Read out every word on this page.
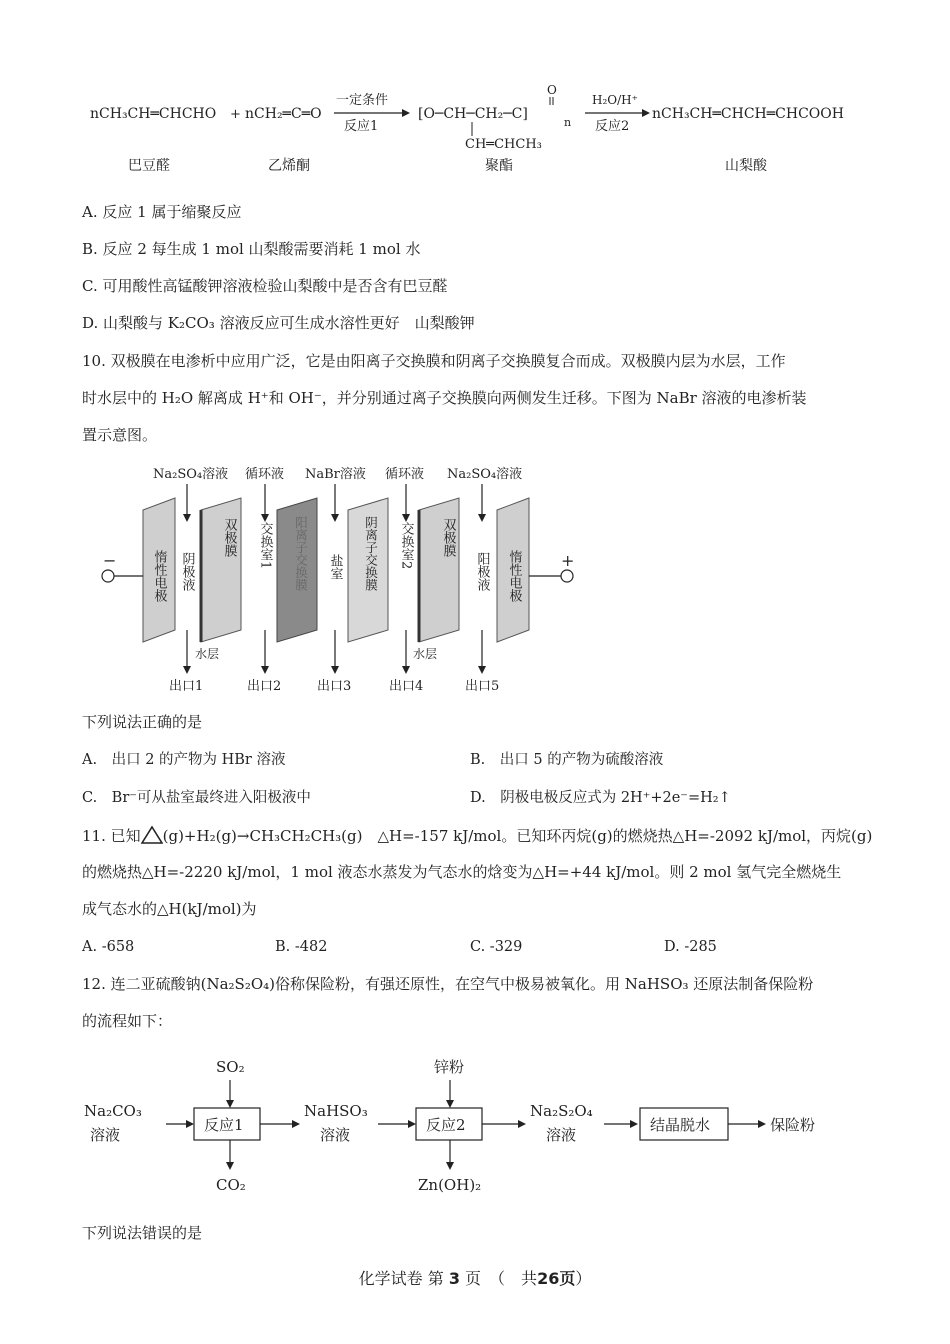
nCH₃CH═CHCHO + nCH₂═C═O
一定条件
反应1
O
[O─CH─CH₂─C]
n
CH═CHCH₃
H₂O/H⁺
反应2
nCH₃CH═CHCH═CHCOOH
巴豆醛	乙烯酮	聚酯	山梨酸
A. 反应 1 属于缩聚反应
B. 反应 2 每生成 1 mol 山梨酸需要消耗 1 mol 水
C. 可用酸性高锰酸钾溶液检验山梨酸中是否含有巴豆醛
D. 山梨酸与 K₂CO₃ 溶液反应可生成水溶性更好　山梨酸钾
10. 双极膜在电渗析中应用广泛，它是由阳离子交换膜和阴离子交换膜复合而成。双极膜内层为水层，工作
时水层中的 H₂O 解离成 H⁺和 OH⁻，并分别通过离子交换膜向两侧发生迁移。下图为 NaBr 溶液的电渗析装
置示意图。
Na₂SO₄溶液 循环液 NaBr溶液 循环液 Na₂SO₄溶液
惰性电极 阴极液
双极膜 交换室1 阳离子交换膜 盐室 阴离子交换膜 交换室2 双极膜
阳极液 惰性电极
−	+
水层	水层
出口1	出口2	出口3	出口4	出口5
下列说法正确的是
A.　出口 2 的产物为 HBr 溶液	B.　出口 5 的产物为硫酸溶液
C.　Br⁻可从盐室最终进入阳极液中	D.　阴极电极反应式为 2H⁺+2e⁻=H₂↑
11. 已知 (g)+H₂(g)→CH₃CH₂CH₃(g)　△H=-157 kJ/mol。已知环丙烷(g)的燃烧热△H=-2092 kJ/mol，丙烷(g)
的燃烧热△H=-2220 kJ/mol，1 mol 液态水蒸发为气态水的焓变为△H=+44 kJ/mol。则 2 mol 氢气完全燃烧生
成气态水的△H(kJ/mol)为
A. -658	B. -482	C. -329	D. -285
12. 连二亚硫酸钠(Na₂S₂O₄)俗称保险粉，有强还原性，在空气中极易被氧化。用 NaHSO₃ 还原法制备保险粉
的流程如下：
Na₂CO₃
溶液
SO₂
反应1
CO₂
NaHSO₃
溶液
锌粉
反应2
Zn(OH)₂
Na₂S₂O₄
溶液
结晶脱水	保险粉
下列说法错误的是
化学试卷 第 3 页　（　共26页）
